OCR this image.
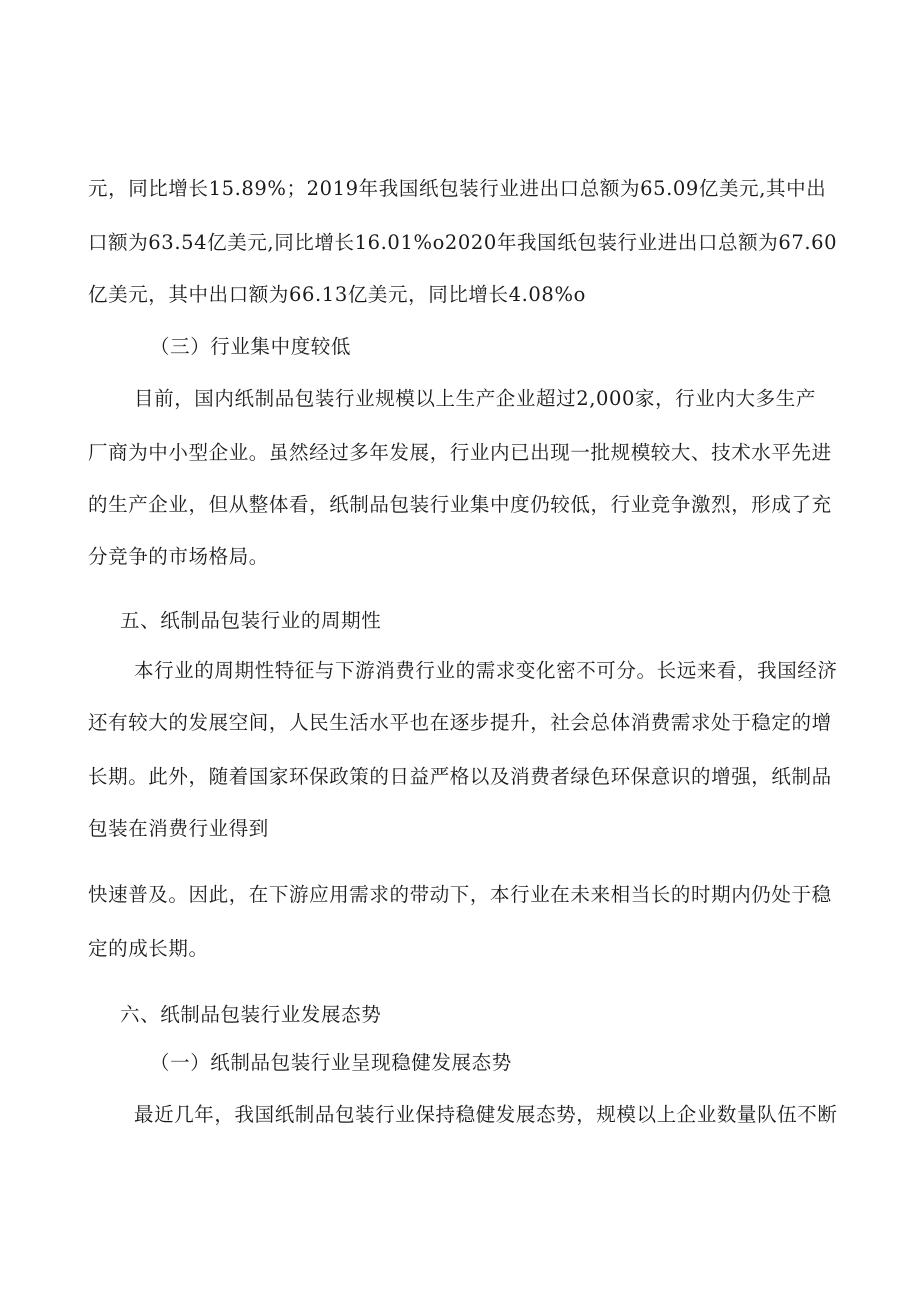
元，同比增长15.89%；2019年我国纸包装行业进出口总额为65.09亿美元,其中出
口额为63.54亿美元,同比增长16.01%o2020年我国纸包装行业进出口总额为67.60
亿美元，其中出口额为66.13亿美元，同比增长4.08%o
（三）行业集中度较低
目前，国内纸制品包装行业规模以上生产企业超过2,000家，行业内大多生产
厂商为中小型企业。虽然经过多年发展，行业内已出现一批规模较大、技术水平先进
的生产企业，但从整体看，纸制品包装行业集中度仍较低，行业竞争激烈，形成了充
分竞争的市场格局。
五、纸制品包装行业的周期性
本行业的周期性特征与下游消费行业的需求变化密不可分。长远来看，我国经济
还有较大的发展空间，人民生活水平也在逐步提升，社会总体消费需求处于稳定的增
长期。此外，随着国家环保政策的日益严格以及消费者绿色环保意识的增强，纸制品
包装在消费行业得到
快速普及。因此，在下游应用需求的带动下，本行业在未来相当长的时期内仍处于稳
定的成长期。
六、纸制品包装行业发展态势
（一）纸制品包装行业呈现稳健发展态势
最近几年，我国纸制品包装行业保持稳健发展态势，规模以上企业数量队伍不断
